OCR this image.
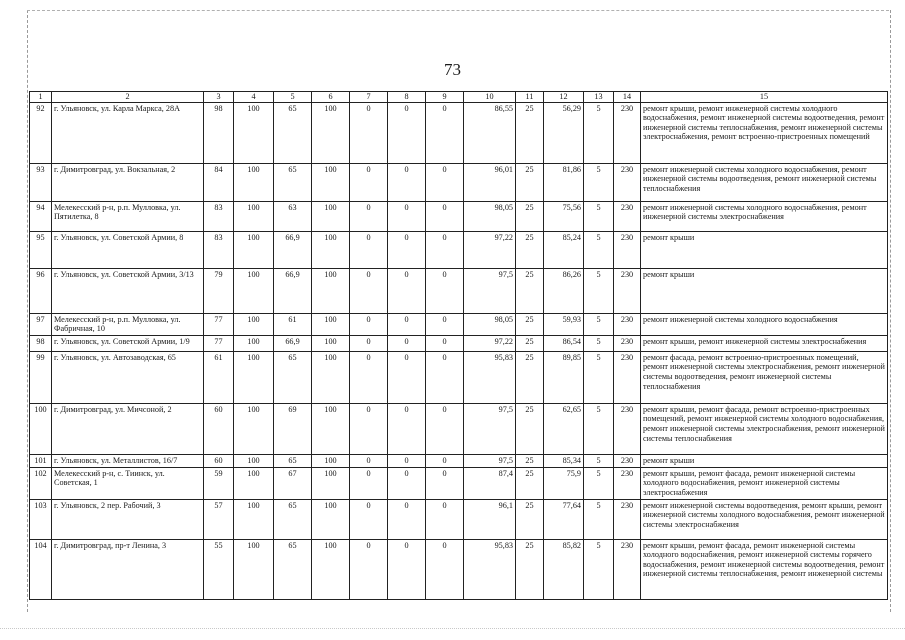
73
1	2	3	4	5	6	7	8	9	10	11	12	13	14	15
92	г. Ульяновск, ул. Карла Маркса, 28А	98	100	65	100	0	0	0	86,55	25	56,29	5	230	ремонт крыши, ремонт инженерной системы холодного водоснабжения, ремонт инженерной системы водоотведения, ремонт инженерной системы теплоснабжения, ремонт инженерной системы электроснабжения, ремонт встроенно-пристроенных помещений
93	г. Димитровград, ул. Вокзальная, 2	84	100	65	100	0	0	0	96,01	25	81,86	5	230	ремонт инженерной системы холодного водоснабжения, ремонт инженерной системы водоотведения, ремонт инженерной системы теплоснабжения
94	Мелекесский р-н, р.п. Мулловка, ул. Пятилетка, 8	83	100	63	100	0	0	0	98,05	25	75,56	5	230	ремонт инженерной системы холодного водоснабжения, ремонт инженерной системы электроснабжения
95	г. Ульяновск, ул. Советской Армии, 8	83	100	66,9	100	0	0	0	97,22	25	85,24	5	230	ремонт крыши
96	г. Ульяновск, ул. Советской Армии, 3/13	79	100	66,9	100	0	0	0	97,5	25	86,26	5	230	ремонт крыши
97	Мелекесский р-н, р.п. Мулловка, ул. Фабричная, 10	77	100	61	100	0	0	0	98,05	25	59,93	5	230	ремонт инженерной системы холодного водоснабжения
98	г. Ульяновск, ул. Советской Армии, 1/9	77	100	66,9	100	0	0	0	97,22	25	86,54	5	230	ремонт крыши, ремонт инженерной системы электроснабжения
99	г. Ульяновск, ул. Автозаводская, 65	61	100	65	100	0	0	0	95,83	25	89,85	5	230	ремонт фасада, ремонт встроенно-пристроенных помещений, ремонт инженерной системы электроснабжения, ремонт инженерной системы водоотведения, ремонт инженерной системы теплоснабжения
100	г. Димитровград, ул. Мичсоной, 2	60	100	69	100	0	0	0	97,5	25	62,65	5	230	ремонт крыши, ремонт фасада, ремонт встроенно-пристроенных помещений, ремонт инженерной системы холодного водоснабжения, ремонт инженерной системы электроснабжения, ремонт инженерной системы теплоснабжения
101	г. Ульяновск, ул. Металлистов, 16/7	60	100	65	100	0	0	0	97,5	25	85,34	5	230	ремонт крыши
102	Мелекесский р-н, с. Тиинск, ул. Советская, 1	59	100	67	100	0	0	0	87,4	25	75,9	5	230	ремонт крыши, ремонт фасада, ремонт инженерной системы холодного водоснабжения, ремонт инженерной системы электроснабжения
103	г. Ульяновск, 2 пер. Рабочий, 3	57	100	65	100	0	0	0	96,1	25	77,64	5	230	ремонт инженерной системы водоотведения, ремонт крыши, ремонт инженерной системы холодного водоснабжения, ремонт инженерной системы электроснабжения
104	г. Димитровград, пр-т Ленина, 3	55	100	65	100	0	0	0	95,83	25	85,82	5	230	ремонт крыши, ремонт фасада, ремонт инженерной системы холодного водоснабжения, ремонт инженерной системы горячего водоснабжения, ремонт инженерной системы водоотведения, ремонт инженерной системы теплоснабжения, ремонт инженерной системы
